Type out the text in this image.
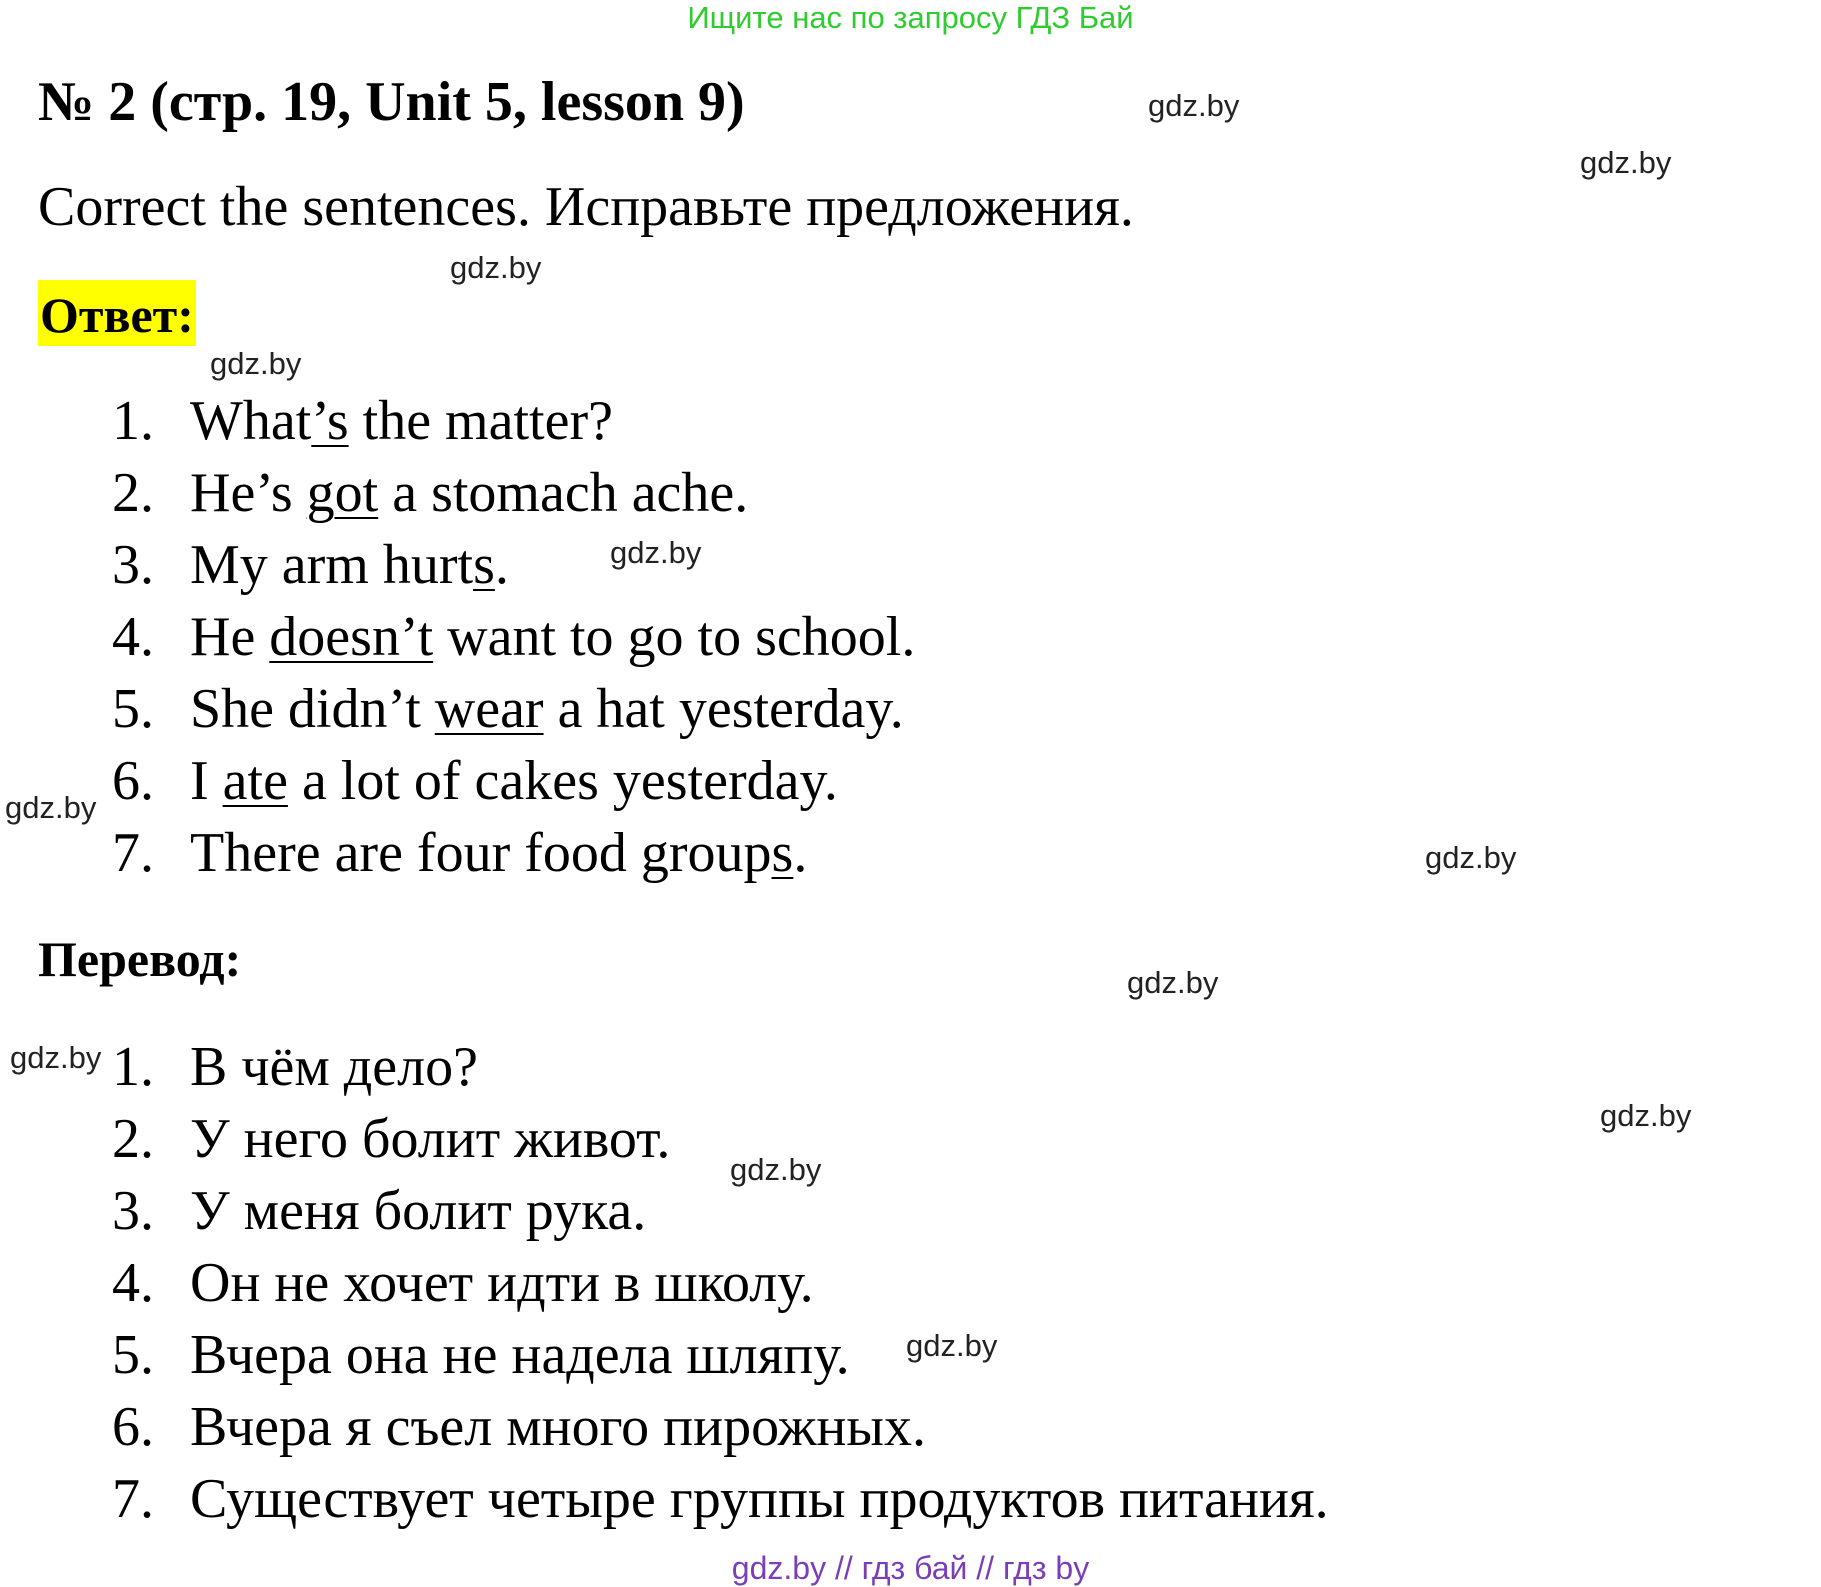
Ищите нас по запросу ГДЗ Бай
№ 2 (стр. 19, Unit 5, lesson 9)
Correct the sentences. Исправьте предложения.
Ответ:
1. What’s the matter?
2. He’s got a stomach ache.
3. My arm hurts.
4. He doesn’t want to go to school.
5. She didn’t wear a hat yesterday.
6. I ate a lot of cakes yesterday.
7. There are four food groups.
Перевод:
1. В чём дело?
2. У него болит живот.
3. У меня болит рука.
4. Он не хочет идти в школу.
5. Вчера она не надела шляпу.
6. Вчера я съел много пирожных.
7. Существует четыре группы продуктов питания.
gdz.by
gdz.by
gdz.by
gdz.by
gdz.by
gdz.by
gdz.by
gdz.by
gdz.by
gdz.by
gdz.by
gdz.by
gdz.by // гдз бай // гдз by
